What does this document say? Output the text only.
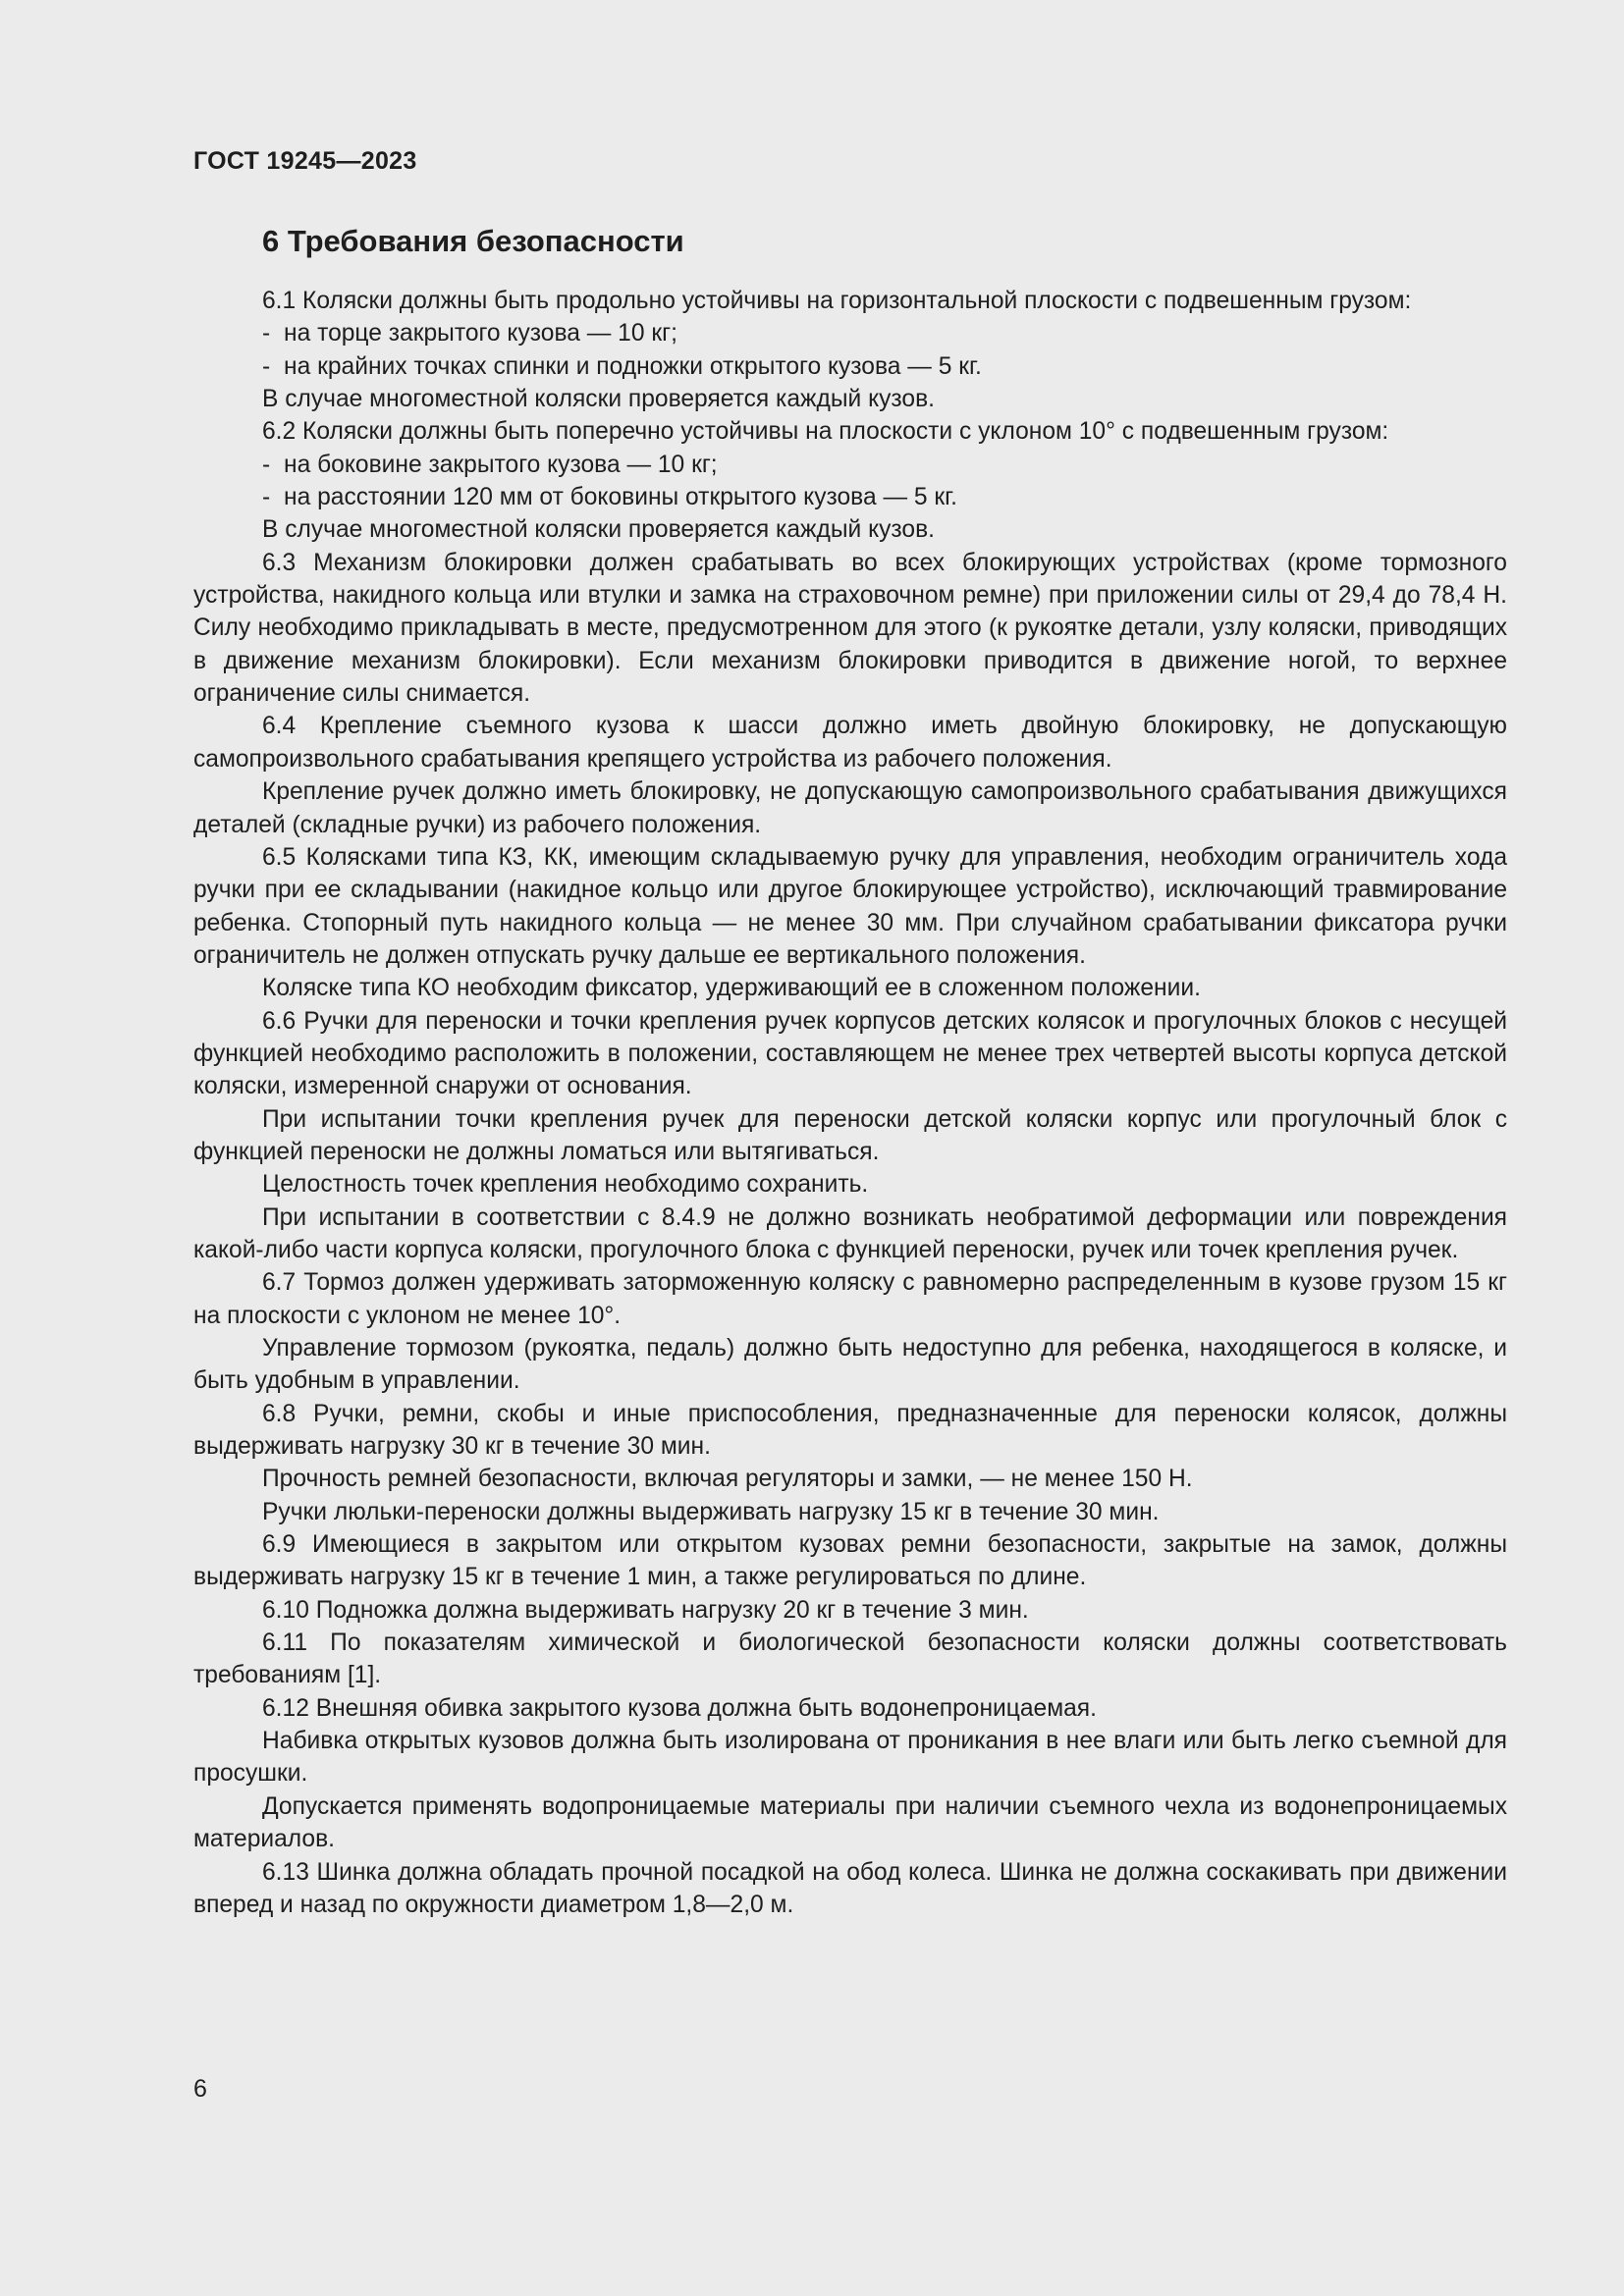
ГОСТ 19245—2023
6 Требования безопасности

6.1 Коляски должны быть продольно устойчивы на горизонтальной плоскости с подвешенным грузом:

- на торце закрытого кузова — 10 кг;
- на крайних точках спинки и подножки открытого кузова — 5 кг.

В случае многоместной коляски проверяется каждый кузов.

6.2 Коляски должны быть поперечно устойчивы на плоскости с уклоном 10° с подвешенным грузом:

- на боковине закрытого кузова — 10 кг;
- на расстоянии 120 мм от боковины открытого кузова — 5 кг.

В случае многоместной коляски проверяется каждый кузов.

6.3 Механизм блокировки должен срабатывать во всех блокирующих устройствах (кроме тормозного устройства, накидного кольца или втулки и замка на страховочном ремне) при приложении силы от 29,4 до 78,4 Н. Силу необходимо прикладывать в месте, предусмотренном для этого (к рукоятке детали, узлу коляски, приводящих в движение механизм блокировки). Если механизм блокировки приводится в движение ногой, то верхнее ограничение силы снимается.

6.4 Крепление съемного кузова к шасси должно иметь двойную блокировку, не допускающую самопроизвольного срабатывания крепящего устройства из рабочего положения.

Крепление ручек должно иметь блокировку, не допускающую самопроизвольного срабатывания движущихся деталей (складные ручки) из рабочего положения.

6.5 Колясками типа КЗ, КК, имеющим складываемую ручку для управления, необходим ограничитель хода ручки при ее складывании (накидное кольцо или другое блокирующее устройство), исключающий травмирование ребенка. Стопорный путь накидного кольца — не менее 30 мм. При случайном срабатывании фиксатора ручки ограничитель не должен отпускать ручку дальше ее вертикального положения.

Коляске типа КО необходим фиксатор, удерживающий ее в сложенном положении.

6.6 Ручки для переноски и точки крепления ручек корпусов детских колясок и прогулочных блоков с несущей функцией необходимо расположить в положении, составляющем не менее трех четвертей высоты корпуса детской коляски, измеренной снаружи от основания.

При испытании точки крепления ручек для переноски детской коляски корпус или прогулочный блок с функцией переноски не должны ломаться или вытягиваться.

Целостность точек крепления необходимо сохранить.

При испытании в соответствии с 8.4.9 не должно возникать необратимой деформации или повреждения какой-либо части корпуса коляски, прогулочного блока с функцией переноски, ручек или точек крепления ручек.

6.7 Тормоз должен удерживать заторможенную коляску с равномерно распределенным в кузове грузом 15 кг на плоскости с уклоном не менее 10°.

Управление тормозом (рукоятка, педаль) должно быть недоступно для ребенка, находящегося в коляске, и быть удобным в управлении.

6.8 Ручки, ремни, скобы и иные приспособления, предназначенные для переноски колясок, должны выдерживать нагрузку 30 кг в течение 30 мин.

Прочность ремней безопасности, включая регуляторы и замки, — не менее 150 Н.

Ручки люльки-переноски должны выдерживать нагрузку 15 кг в течение 30 мин.

6.9 Имеющиеся в закрытом или открытом кузовах ремни безопасности, закрытые на замок, должны выдерживать нагрузку 15 кг в течение 1 мин, а также регулироваться по длине.

6.10 Подножка должна выдерживать нагрузку 20 кг в течение 3 мин.

6.11 По показателям химической и биологической безопасности коляски должны соответствовать требованиям [1].

6.12 Внешняя обивка закрытого кузова должна быть водонепроницаемая.

Набивка открытых кузовов должна быть изолирована от проникания в нее влаги или быть легко съемной для просушки.

Допускается применять водопроницаемые материалы при наличии съемного чехла из водонепроницаемых материалов.

6.13 Шинка должна обладать прочной посадкой на обод колеса. Шинка не должна соскакивать при движении вперед и назад по окружности диаметром 1,8—2,0 м.

6
